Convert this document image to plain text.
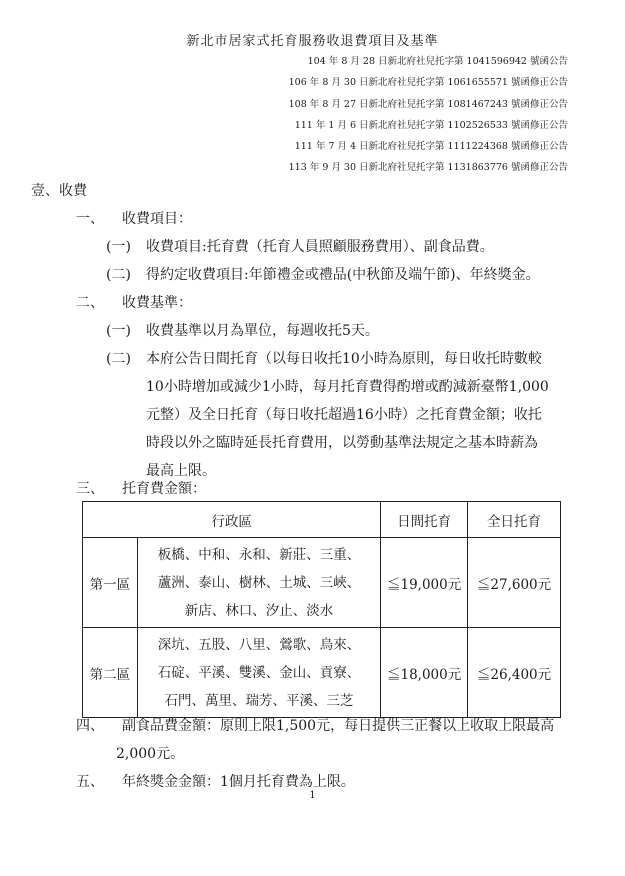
新北市居家式托育服務收退費項目及基準
104 年 8 月 28 日新北府社兒托字第 1041596942 號函公告
106 年 8 月 30 日新北府社兒托字第 1061655571 號函修正公告
108 年 8 月 27 日新北府社兒托字第 1081467243 號函修正公告
111 年 1 月 6 日新北府社兒托字第 1102526533 號函修正公告
111 年 7 月 4 日新北府社兒托字第 1111224368 號函修正公告
113 年 9 月 30 日新北府社兒托字第 1131863776 號函修正公告
壹、收費
一、 收費項目：
(一) 收費項目:托育費（托育人員照顧服務費用）、副食品費。
(二) 得約定收費項目:年節禮金或禮品(中秋節及端午節)、年終獎金。
二、 收費基準：
(一) 收費基準以月為單位，每週收托5天。
(二) 本府公告日間托育（以每日收托10小時為原則，每日收托時數較
10小時增加或減少1小時，每月托育費得酌增或酌減新臺幣1,000
元整）及全日托育（每日收托超過16小時）之托育費金額；收托
時段以外之臨時延長托育費用，以勞動基準法規定之基本時薪為
最高上限。
三、 托育費金額：
行政區		日間托育	全日托育
第一區	板橋、中和、永和、新莊、三重、
蘆洲、泰山、樹林、土城、三峽、
新店、林口、汐止、淡水	≦19,000元	≦27,600元
第二區	深坑、五股、八里、鶯歌、烏來、
石碇、平溪、雙溪、金山、貢寮、
石門、萬里、瑞芳、平溪、三芝	≦18,000元	≦26,400元
四、 副食品費金額：原則上限1,500元，每日提供三正餐以上收取上限最高
2,000元。
五、 年終獎金金額：1個月托育費為上限。
1
